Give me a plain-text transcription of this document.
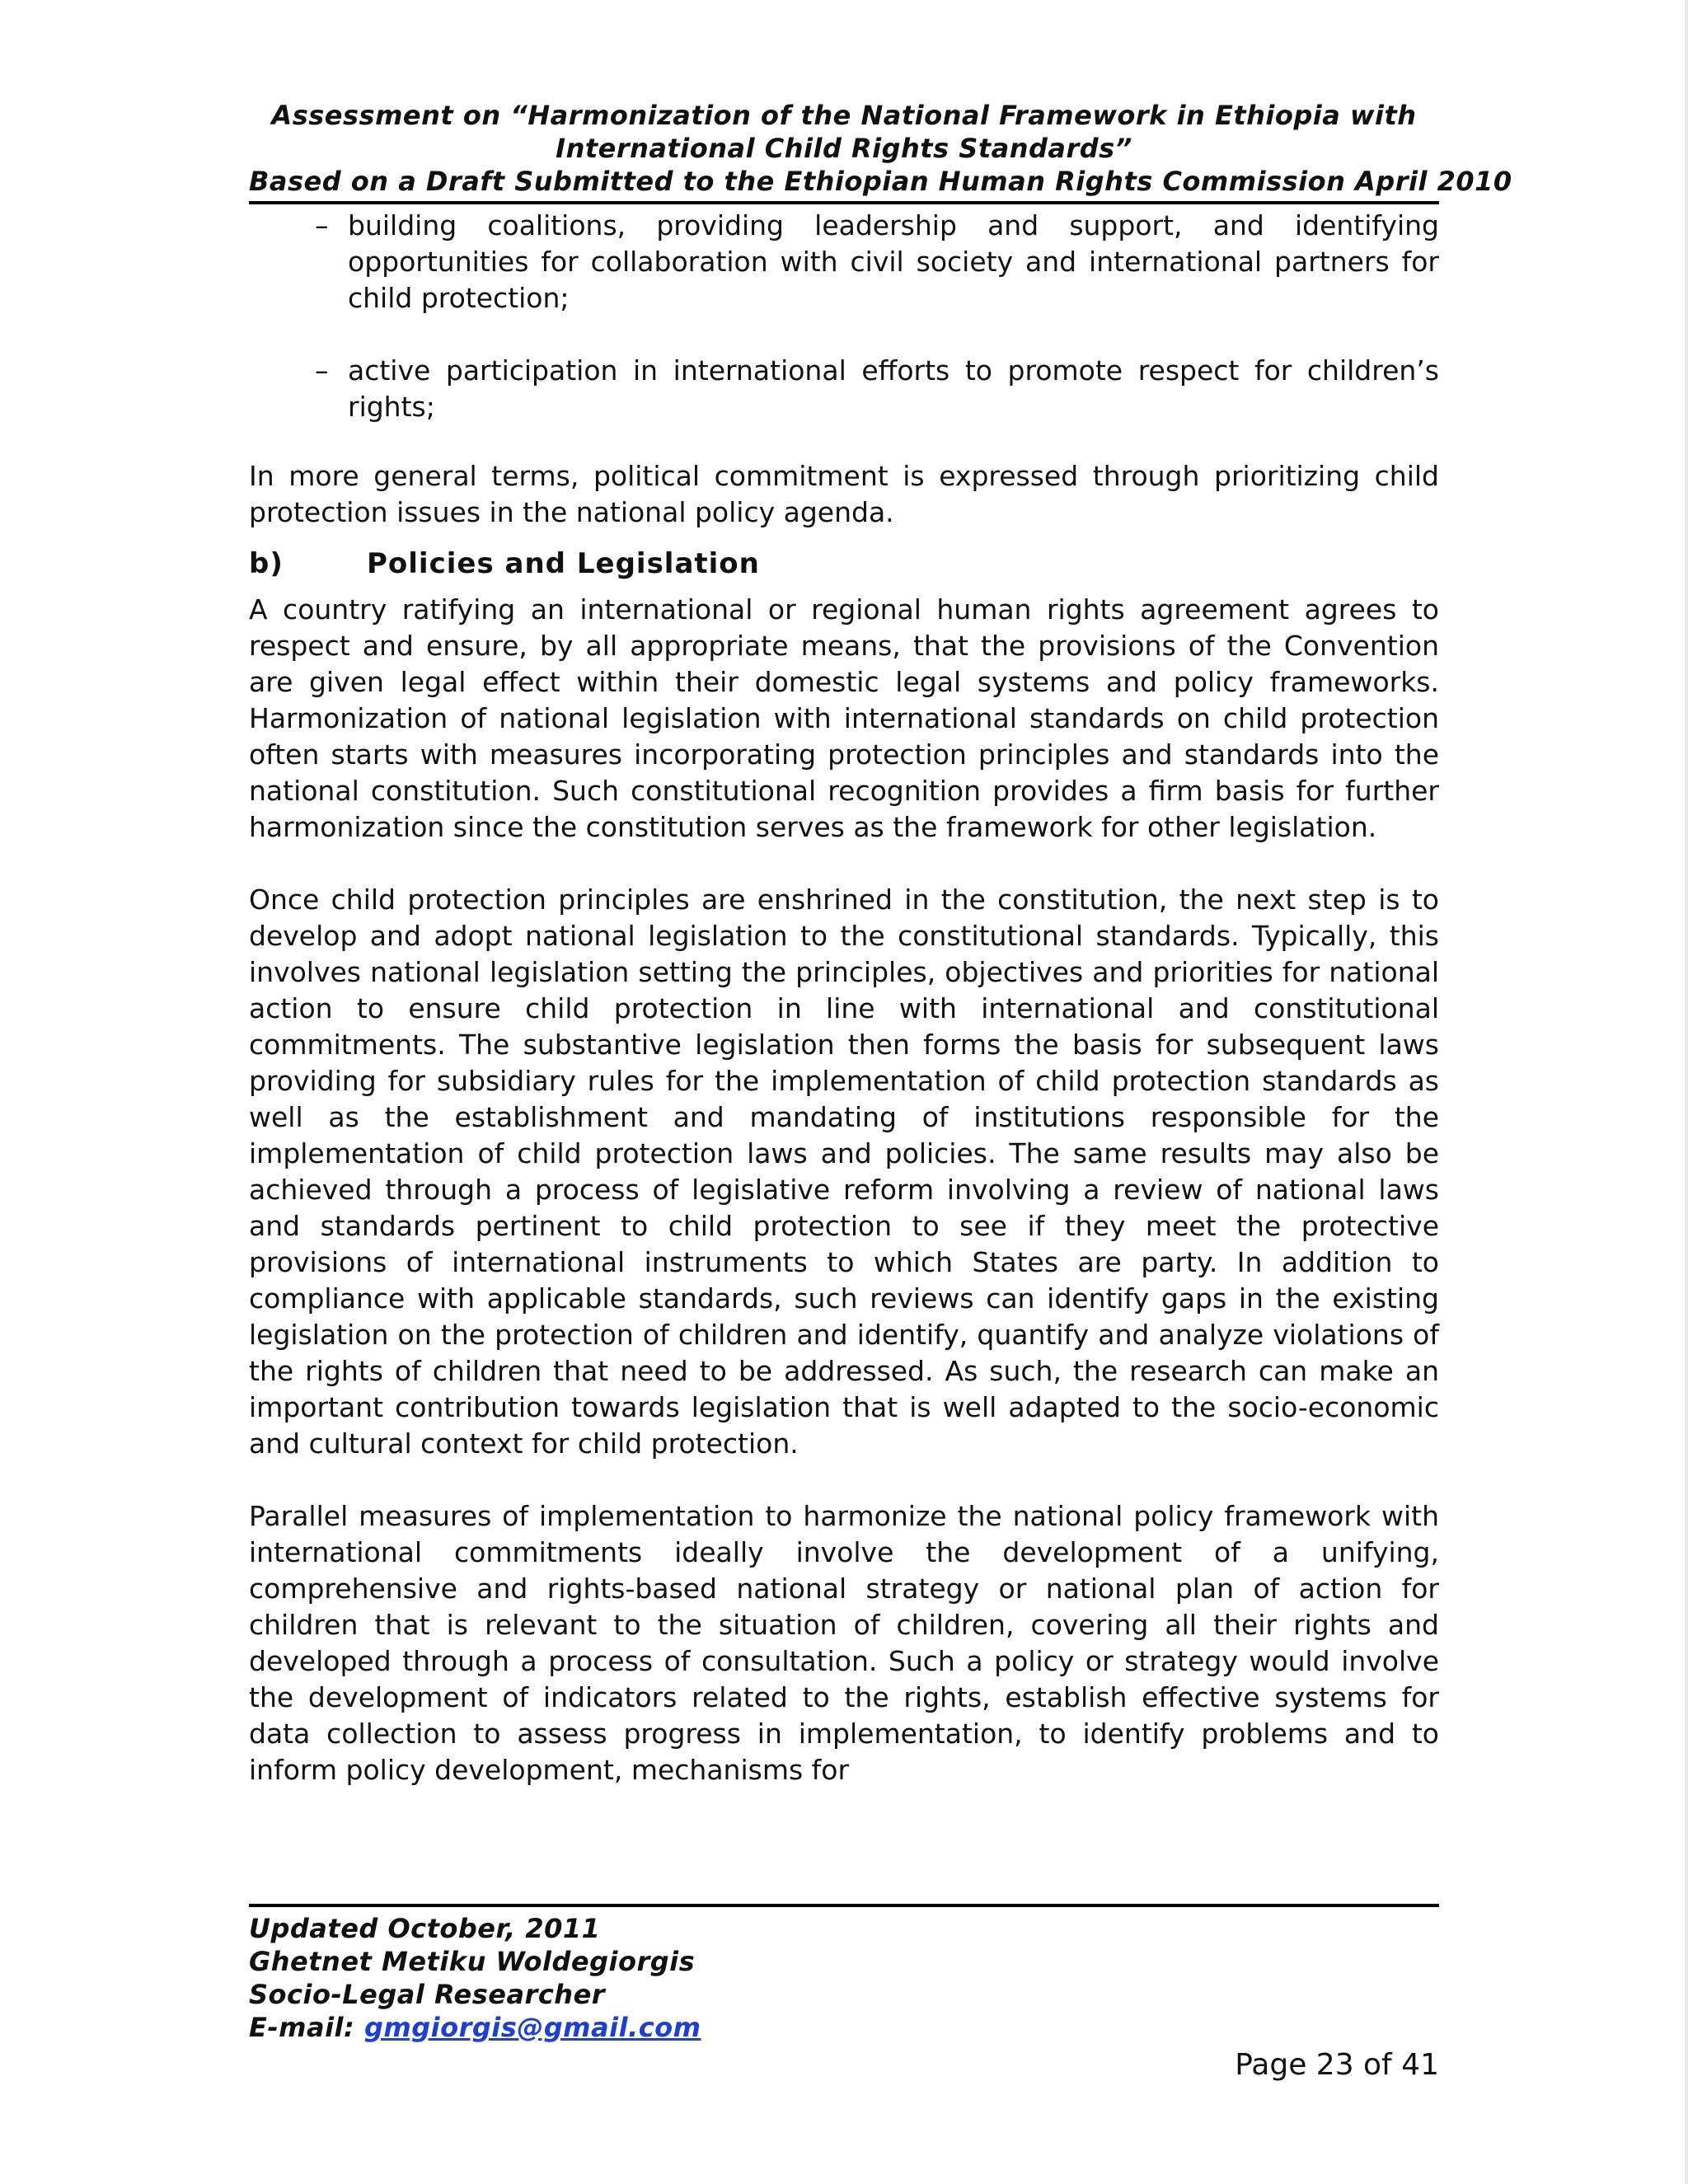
Assessment on “Harmonization of the National Framework in Ethiopia with
International Child Rights Standards”
Based on a Draft Submitted to the Ethiopian Human Rights Commission April 2010
– building coalitions, providing leadership and support, and identifying opportunities for collaboration with civil society and international partners for child protection;
– active participation in international efforts to promote respect for children’s rights;

In more general terms, political commitment is expressed through prioritizing child protection issues in the national policy agenda.

b)	Policies and Legislation

A country ratifying an international or regional human rights agreement agrees to respect and ensure, by all appropriate means, that the provisions of the Convention are given legal effect within their domestic legal systems and policy frameworks. Harmonization of national legislation with international standards on child protection often starts with measures incorporating protection principles and standards into the national constitution. Such constitutional recognition provides a firm basis for further harmonization since the constitution serves as the framework for other legislation.

Once child protection principles are enshrined in the constitution, the next step is to develop and adopt national legislation to the constitutional standards. Typically, this involves national legislation setting the principles, objectives and priorities for national action to ensure child protection in line with international and constitutional commitments. The substantive legislation then forms the basis for subsequent laws providing for subsidiary rules for the implementation of child protection standards as well as the establishment and mandating of institutions responsible for the implementation of child protection laws and policies. The same results may also be achieved through a process of legislative reform involving a review of national laws and standards pertinent to child protection to see if they meet the protective provisions of international instruments to which States are party. In addition to compliance with applicable standards, such reviews can identify gaps in the existing legislation on the protection of children and identify, quantify and analyze violations of the rights of children that need to be addressed. As such, the research can make an important contribution towards legislation that is well adapted to the socio-economic and cultural context for child protection.

Parallel measures of implementation to harmonize the national policy framework with international commitments ideally involve the development of a unifying, comprehensive and rights-based national strategy or national plan of action for children that is relevant to the situation of children, covering all their rights and developed through a process of consultation. Such a policy or strategy would involve the development of indicators related to the rights, establish effective systems for data collection to assess progress in implementation, to identify problems and to inform policy development, mechanisms for

Updated October, 2011
Ghetnet Metiku Woldegiorgis
Socio-Legal Researcher
E-mail: gmgiorgis@gmail.com
Page 23 of 41
